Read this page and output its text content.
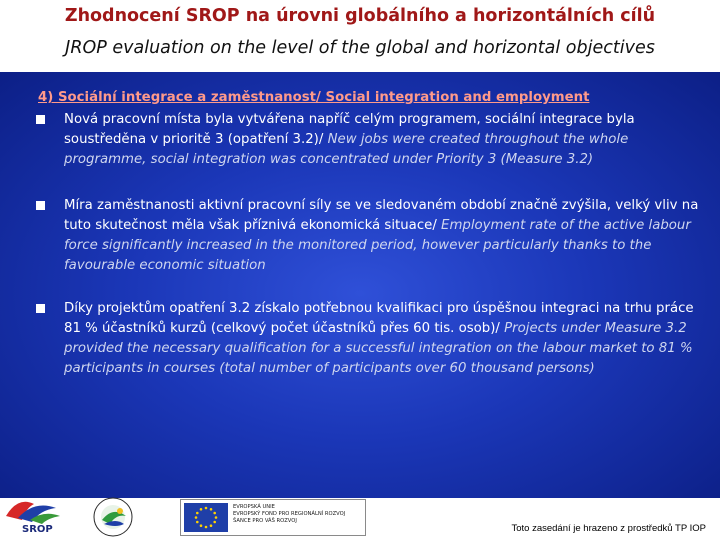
Zhodnocení SROP na úrovni globálního a horizontálních cílů
JROP evaluation on the level of the global and horizontal objectives
4) Sociální integrace a zaměstnanost/ Social integration and employment
Nová pracovní místa byla vytvářena napříč celým programem, sociální integrace byla soustředěna v prioritě 3 (opatření 3.2)/ New jobs were created throughout the whole programme, social integration was concentrated under Priority 3 (Measure 3.2)
Míra zaměstnanosti aktivní pracovní síly se ve sledovaném období značně zvýšila, velký vliv na tuto skutečnost měla však příznivá ekonomická situace/ Employment rate of the active labour force significantly increased in the monitored period, however particularly thanks to the favourable economic situation
Díky projektům opatření 3.2 získalo potřebnou kvalifikaci pro úspěšnou integraci na trhu práce 81 % účastníků kurzů (celkový počet účastníků přes 60 tis. osob)/ Projects under Measure 3.2 provided the necessary qualification for a successful integration on the labour market to 81 % participants in courses (total number of participants over 60 thousand persons)
SROP
EVROPSKÁ UNIE
EVROPSKÝ FOND PRO REGIONÁLNÍ ROZVOJ
ŠANCE PRO VÁŠ ROZVOJ
Toto zasedání je hrazeno z prostředků TP IOP
